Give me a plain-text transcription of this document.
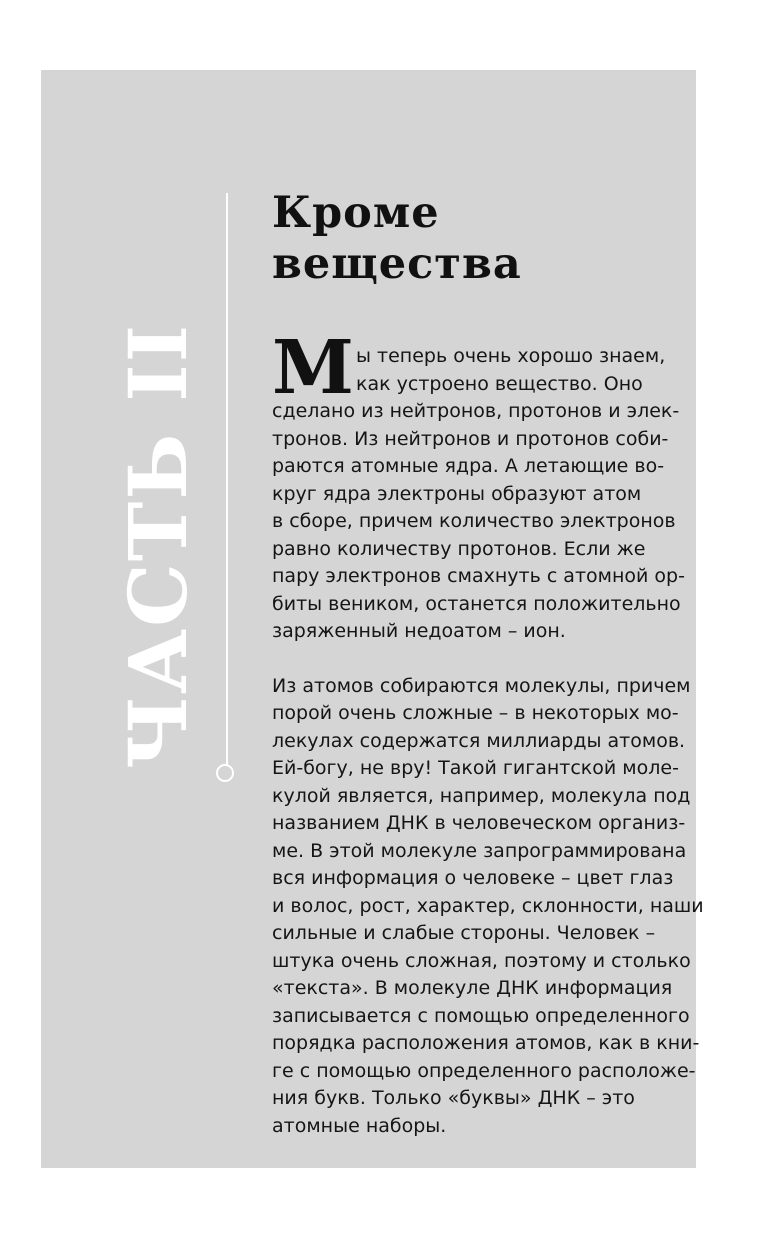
ЧАСТЬ II
Кроме
вещества

М ы теперь очень хорошо знаем,
как устроено вещество. Оно
сделано из нейтронов, протонов и элек-
тронов. Из нейтронов и протонов соби-
раются атомные ядра. А летающие во-
круг ядра электроны образуют атом
в сборе, причем количество электронов
равно количеству протонов. Если же
пару электронов смахнуть с атомной ор-
биты веником, останется положительно
заряженный недоатом – ион.

Из атомов собираются молекулы, причем
порой очень сложные – в некоторых мо-
лекулах содержатся миллиарды атомов.
Ей-богу, не вру! Такой гигантской моле-
кулой является, например, молекула под
названием ДНК в человеческом организ-
ме. В этой молекуле запрограммирована
вся информация о человеке – цвет глаз
и волос, рост, характер, склонности, наши
сильные и слабые стороны. Человек –
штука очень сложная, поэтому и столько
«текста». В молекуле ДНК информация
записывается с помощью определенного
порядка расположения атомов, как в кни-
ге с помощью определенного расположе-
ния букв. Только «буквы» ДНК – это
атомные наборы.
